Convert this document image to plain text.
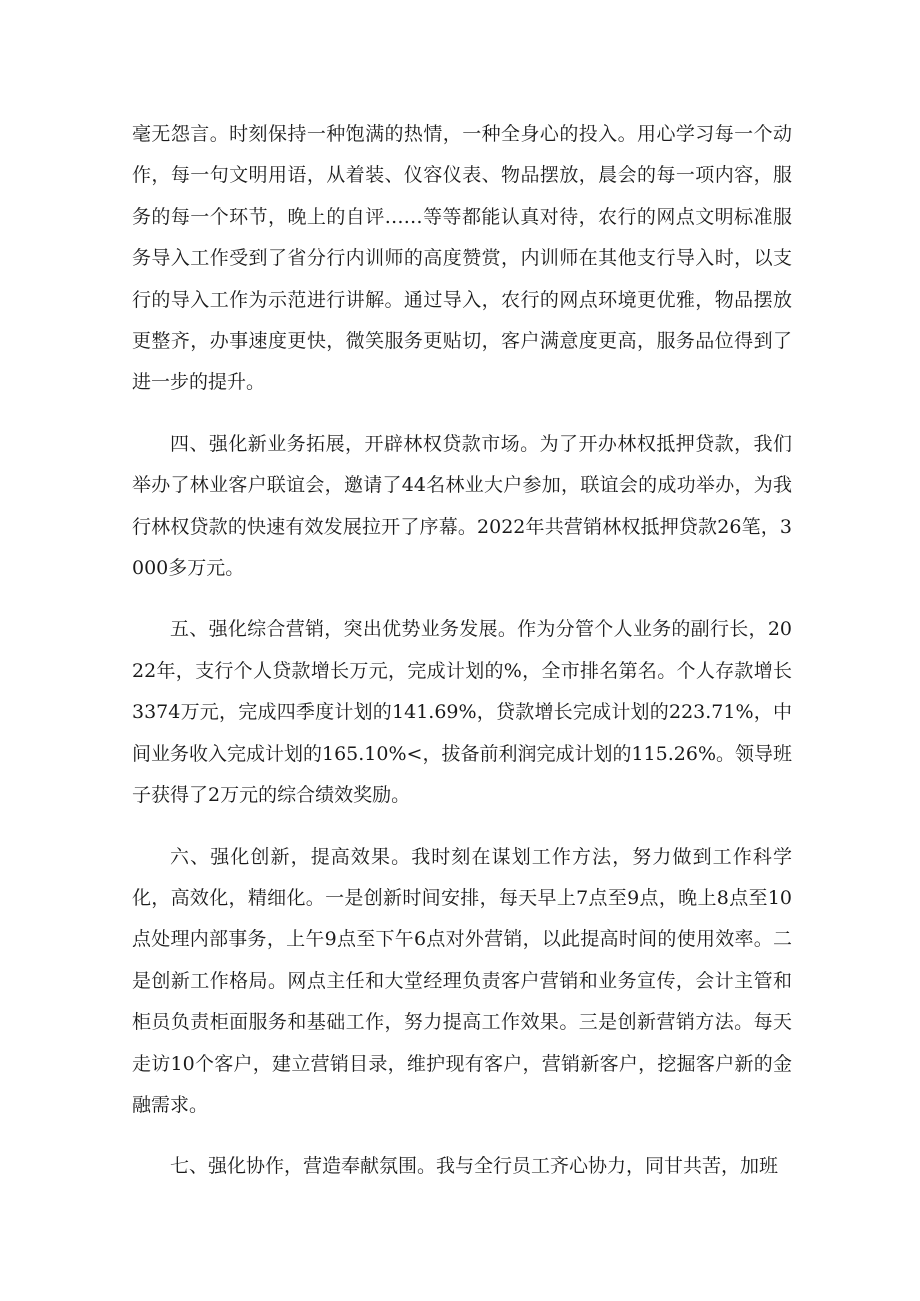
毫无怨言。时刻保持一种饱满的热情，一种全身心的投入。用心学习每一个动作，每一句文明用语，从着装、仪容仪表、物品摆放，晨会的每一项内容，服务的每一个环节，晚上的自评……等等都能认真对待，农行的网点文明标准服务导入工作受到了省分行内训师的高度赞赏，内训师在其他支行导入时，以支行的导入工作为示范进行讲解。通过导入，农行的网点环境更优雅，物品摆放更整齐，办事速度更快，微笑服务更贴切，客户满意度更高，服务品位得到了进一步的提升。

四、强化新业务拓展，开辟林权贷款市场。为了开办林权抵押贷款，我们举办了林业客户联谊会，邀请了44名林业大户参加，联谊会的成功举办，为我行林权贷款的快速有效发展拉开了序幕。2022年共营销林权抵押贷款26笔，3000多万元。

五、强化综合营销，突出优势业务发展。作为分管个人业务的副行长，2022年，支行个人贷款增长万元，完成计划的%，全市排名第名。个人存款增长3374万元，完成四季度计划的141.69%，贷款增长完成计划的223.71%，中间业务收入完成计划的165.10%<，拔备前利润完成计划的115.26%。领导班子获得了2万元的综合绩效奖励。

六、强化创新，提高效果。我时刻在谋划工作方法，努力做到工作科学化，高效化，精细化。一是创新时间安排，每天早上7点至9点，晚上8点至10点处理内部事务，上午9点至下午6点对外营销，以此提高时间的使用效率。二是创新工作格局。网点主任和大堂经理负责客户营销和业务宣传，会计主管和柜员负责柜面服务和基础工作，努力提高工作效果。三是创新营销方法。每天走访10个客户，建立营销目录，维护现有客户，营销新客户，挖掘客户新的金融需求。

七、强化协作，营造奉献氛围。我与全行员工齐心协力，同甘共苦，加班
